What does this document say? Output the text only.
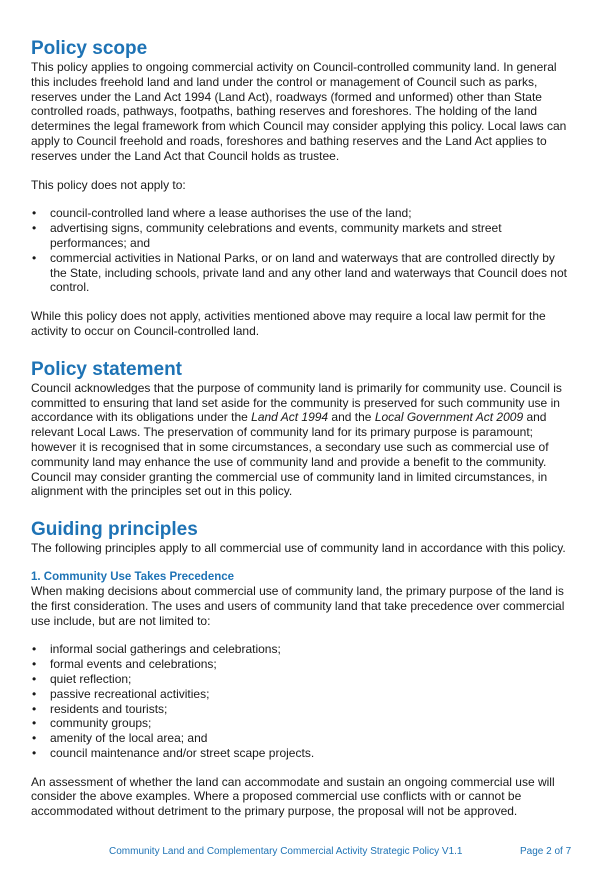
Policy scope

This policy applies to ongoing commercial activity on Council-controlled community land. In general this includes freehold land and land under the control or management of Council such as parks, reserves under the Land Act 1994 (Land Act), roadways (formed and unformed) other than State controlled roads, pathways, footpaths, bathing reserves and foreshores. The holding of the land determines the legal framework from which Council may consider applying this policy. Local laws can apply to Council freehold and roads, foreshores and bathing reserves and the Land Act applies to reserves under the Land Act that Council holds as trustee.

This policy does not apply to:

• council-controlled land where a lease authorises the use of the land;
• advertising signs, community celebrations and events, community markets and street performances; and
• commercial activities in National Parks, or on land and waterways that are controlled directly by the State, including schools, private land and any other land and waterways that Council does not control.

While this policy does not apply, activities mentioned above may require a local law permit for the activity to occur on Council-controlled land.

Policy statement

Council acknowledges that the purpose of community land is primarily for community use. Council is committed to ensuring that land set aside for the community is preserved for such community use in accordance with its obligations under the Land Act 1994 and the Local Government Act 2009 and relevant Local Laws. The preservation of community land for its primary purpose is paramount; however it is recognised that in some circumstances, a secondary use such as commercial use of community land may enhance the use of community land and provide a benefit to the community. Council may consider granting the commercial use of community land in limited circumstances, in alignment with the principles set out in this policy.

Guiding principles

The following principles apply to all commercial use of community land in accordance with this policy.

1. Community Use Takes Precedence

When making decisions about commercial use of community land, the primary purpose of the land is the first consideration. The uses and users of community land that take precedence over commercial use include, but are not limited to:

• informal social gatherings and celebrations;
• formal events and celebrations;
• quiet reflection;
• passive recreational activities;
• residents and tourists;
• community groups;
• amenity of the local area; and
• council maintenance and/or street scape projects.

An assessment of whether the land can accommodate and sustain an ongoing commercial use will consider the above examples. Where a proposed commercial use conflicts with or cannot be accommodated without detriment to the primary purpose, the proposal will not be approved.

Community Land and Complementary Commercial Activity Strategic Policy V1.1	Page 2 of 7
